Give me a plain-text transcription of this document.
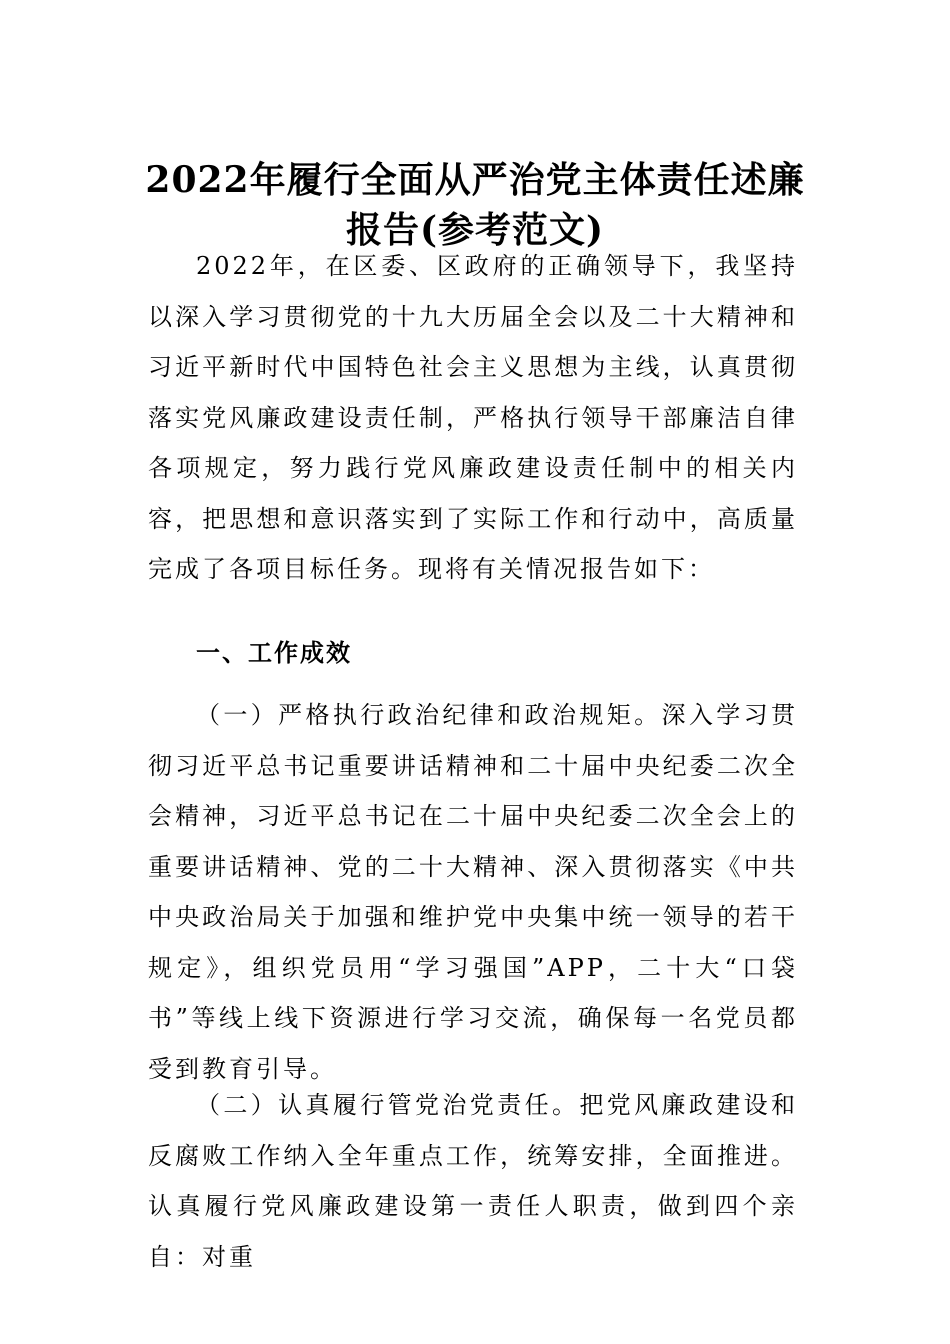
2022年履行全面从严治党主体责任述廉报告(参考范文)

2022年，在区委、区政府的正确领导下，我坚持以深入学习贯彻党的十九大历届全会以及二十大精神和习近平新时代中国特色社会主义思想为主线，认真贯彻落实党风廉政建设责任制，严格执行领导干部廉洁自律各项规定，努力践行党风廉政建设责任制中的相关内容，把思想和意识落实到了实际工作和行动中，高质量完成了各项目标任务。现将有关情况报告如下：

一、工作成效

（一）严格执行政治纪律和政治规矩。深入学习贯彻习近平总书记重要讲话精神和二十届中央纪委二次全会精神，习近平总书记在二十届中央纪委二次全会上的重要讲话精神、党的二十大精神、深入贯彻落实《中共中央政治局关于加强和维护党中央集中统一领导的若干规定》，组织党员用“学习强国”APP，二十大“口袋书”等线上线下资源进行学习交流，确保每一名党员都受到教育引导。

（二）认真履行管党治党责任。把党风廉政建设和反腐败工作纳入全年重点工作，统筹安排，全面推进。认真履行党风廉政建设第一责任人职责，做到四个亲自：对重
